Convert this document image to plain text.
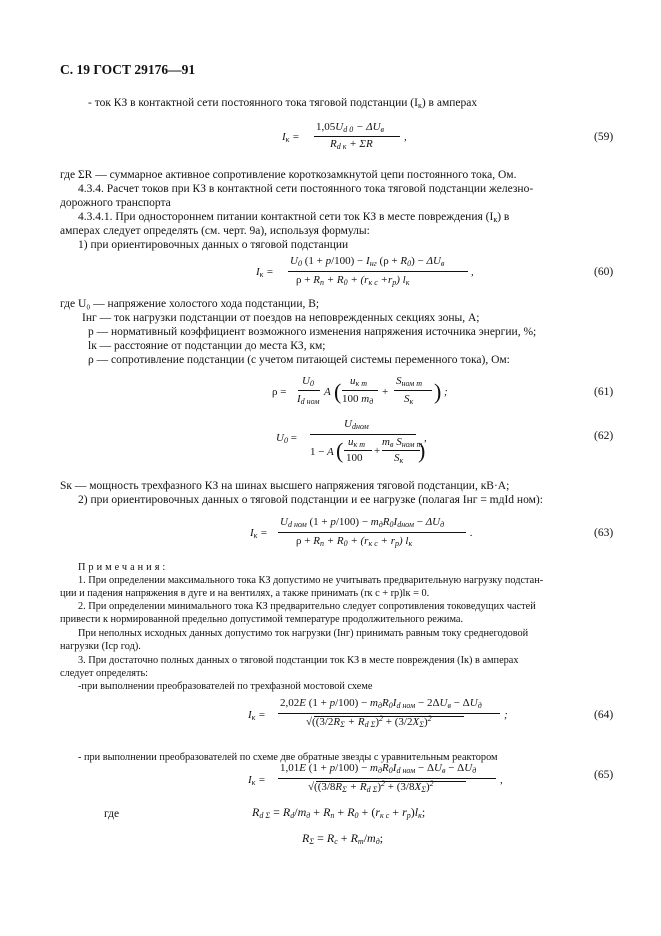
С. 19 ГОСТ 29176—91
- ток КЗ в контактной сети постоянного тока тяговой подстанции $(I_к)$ в амперах
$I_к$ =
$1,05U_{d 0} - \Delta U_в$
$R_{d к} + \Sigma R$
,	(59)
где ΣR — суммарное активное сопротивление короткозамкнутой цепи постоянного тока, Ом.
4.3.4. Расчет токов при КЗ в контактной сети постоянного тока тяговой подстанции железно-
дорожного транспорта
4.3.4.1. При одностороннем питании контактной сети ток КЗ в месте повреждения $(I_к)$ в
амперах следует определять (см. черт. 9а), используя формулы:
1) при ориентировочных данных о тяговой подстанции
$I_к$ =
$U_0$ $(1 + p/100) - I_{нг}$ $(\rho + R_0) - \Delta U_в$
$\rho + R_п + R_0 + (r_{к с} +r_р)$ $l_к$
,	(60)
где U₀ — напряжение холостого хода подстанции, В;
Iнг — ток нагрузки подстанции от поездов на неповрежденных секциях зоны, А;
p — нормативный коэффициент возможного изменения напряжения источника энергии, %;
lк — расстояние от подстанции до места КЗ, км;
ρ — сопротивление подстанции (с учетом питающей системы переменного тока), Ом:
ρ =
$U_0$
$I_{d ном}$
A ( $u_{к т}$
100 $m_д$
+
$S_{ном т}$
$S_к$ ) ;	(61)
$U_0$ =
$U_{dном}$
1 − A ( $u_{к т}$
100
+
$m_в$ $S_{ном т}$
$S_к$ )
,	(62)
Sк — мощность трехфазного КЗ на шинах высшего напряжения тяговой подстанции, кВ·А;
2) при ориентировочных данных о тяговой подстанции и ее нагрузке (полагая Iнг = mдId ном):
$I_к$ =
$U_{d ном}$ $(1 + p/100) - m_дR_0I_{dном} - \Delta U_д$
$\rho + R_п + R_0 + (r_{к с} + r_р)$ $l_к$
.	(63)
Примечания:
1. При определении максимального тока КЗ допустимо не учитывать предварительную нагрузку подстан-
ции и падения напряжения в дуге и на вентилях, а также принимать (rк с + rр)lк = 0.
2. При определении минимального тока КЗ предварительно следует сопротивления токоведущих частей
привести к нормированной предельно допустимой температуре продолжительного режима.
При неполных исходных данных допустимо ток нагрузки (Iнг) принимать равным току среднегодовой
нагрузки (Iср год).
3. При достаточно полных данных о тяговой подстанции ток КЗ в месте повреждения (Iк) в амперах
следует определять:
-при выполнении преобразователей по трехфазной мостовой схеме
$I_к$ =
2,02E $(1 + p/100) - m_дR_0I_{d ном} - 2\Delta U_в - \Delta U_д$
$√((3/2R_\Sigma + R_{d \Sigma})^2 + (3/2X_\Sigma)^2$	;	(64)
- при выполнении преобразователей по схеме две обратные звезды с уравнительным реактором
$I_к$ =
1,01E $(1 + p/100) - m_дR_0I_{d ном} - \Delta U_в - \Delta U_д$
$√((3/8R_\Sigma + R_{d \Sigma})^2 + (3/8X_\Sigma)^2$	,	(65)
где	$R_{d \Sigma} = R_d/m_д + R_п + R_0 + (r_{к с} + r_р)l_к$;
$R_\Sigma = R_c + R_т/m_д$;
